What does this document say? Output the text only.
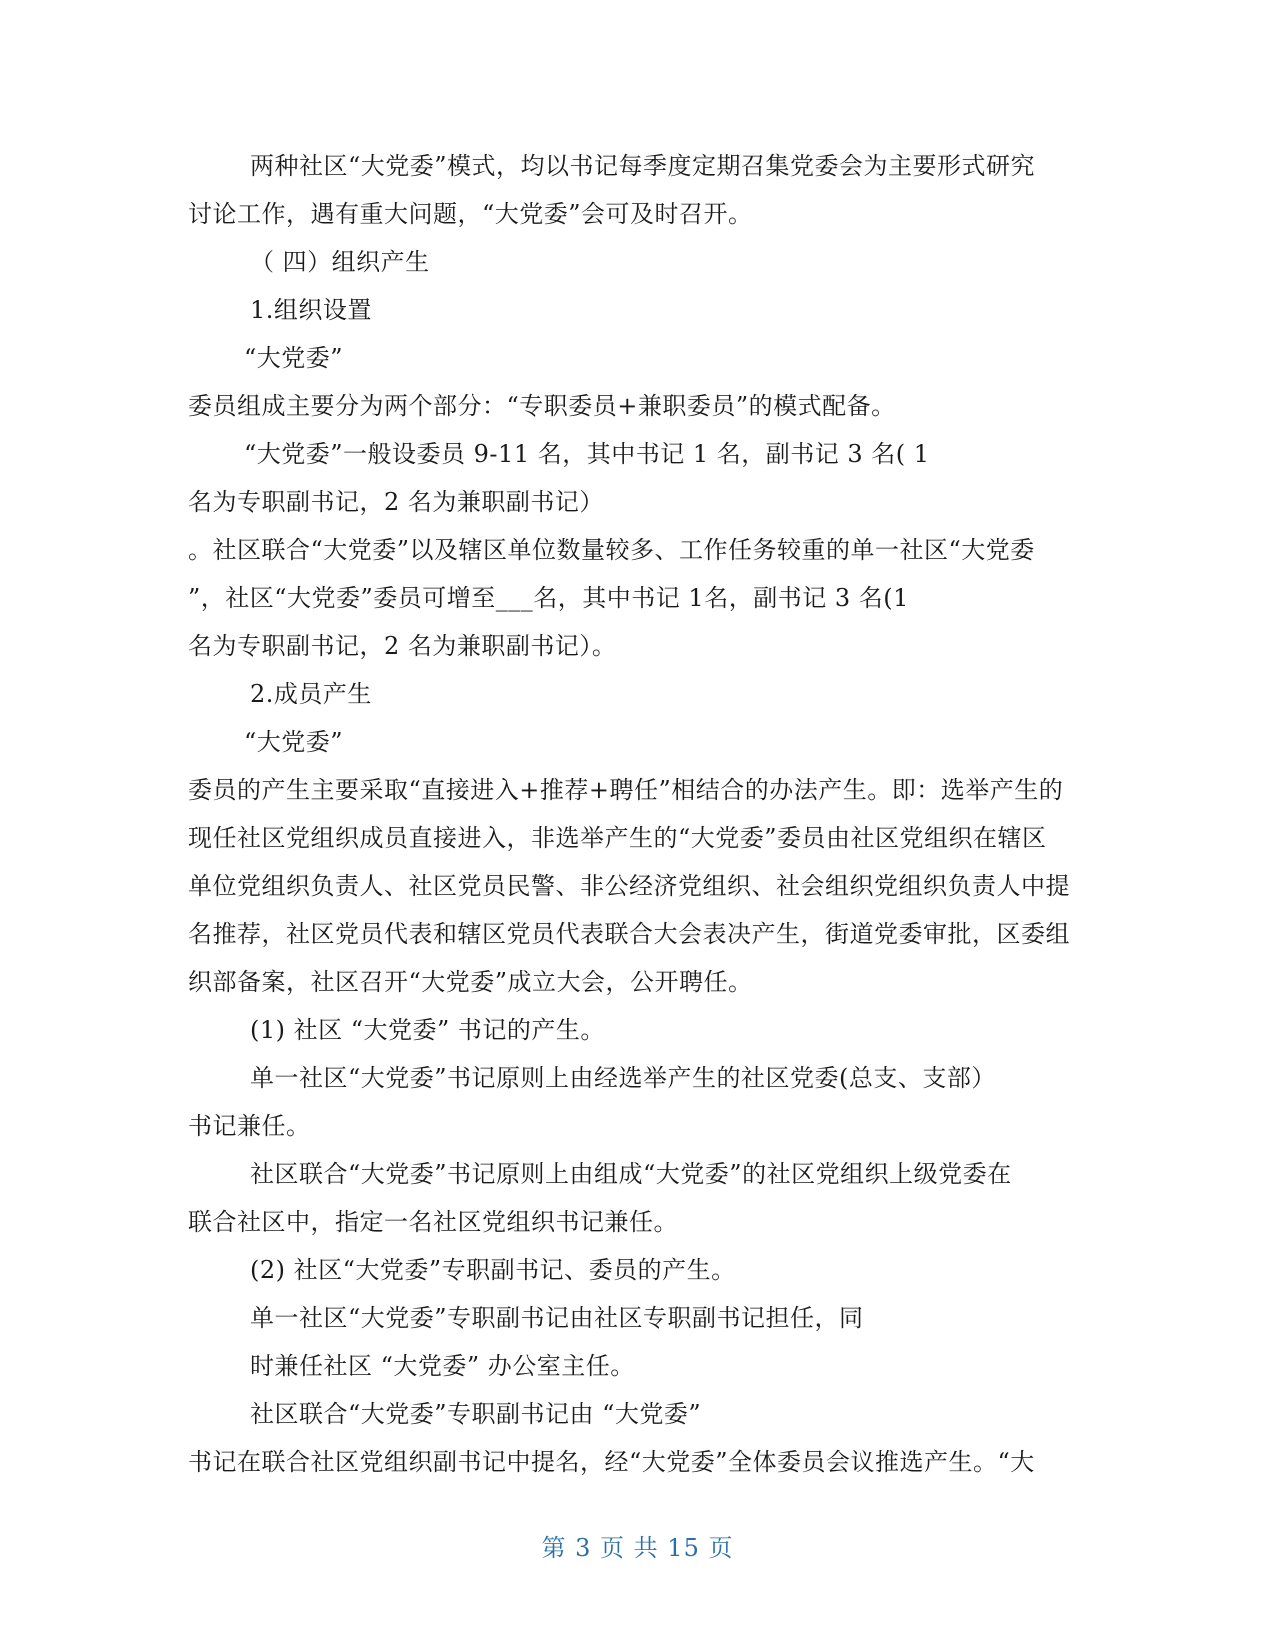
两种社区“大党委”模式，均以书记每季度定期召集党委会为主要形式研究
讨论工作，遇有重大问题，“大党委”会可及时召开。
（ 四）组织产生
1.组织设置
“大党委”
委员组成主要分为两个部分：“专职委员+兼职委员”的模式配备。
“大党委”一般设委员 9-11 名，其中书记 1 名，副书记 3 名( 1
名为专职副书记，2 名为兼职副书记）
。社区联合“大党委”以及辖区单位数量较多、工作任务较重的单一社区“大党委
”，社区“大党委”委员可增至___名，其中书记 1名，副书记 3 名(1
名为专职副书记，2 名为兼职副书记）。
2.成员产生
“大党委”
委员的产生主要采取“直接进入+推荐+聘任”相结合的办法产生。即：选举产生的
现任社区党组织成员直接进入，非选举产生的“大党委”委员由社区党组织在辖区
单位党组织负责人、社区党员民警、非公经济党组织、社会组织党组织负责人中提
名推荐，社区党员代表和辖区党员代表联合大会表决产生，街道党委审批，区委组
织部备案，社区召开“大党委”成立大会，公开聘任。
(1) 社区 “大党委” 书记的产生。
单一社区“大党委”书记原则上由经选举产生的社区党委(总支、支部）
书记兼任。
社区联合“大党委”书记原则上由组成“大党委”的社区党组织上级党委在
联合社区中，指定一名社区党组织书记兼任。
(2) 社区“大党委”专职副书记、委员的产生。
单一社区“大党委”专职副书记由社区专职副书记担任，同
时兼任社区 “大党委” 办公室主任。
社区联合“大党委”专职副书记由 “大党委”
书记在联合社区党组织副书记中提名，经“大党委”全体委员会议推选产生。“大
第 3 页 共 15 页
